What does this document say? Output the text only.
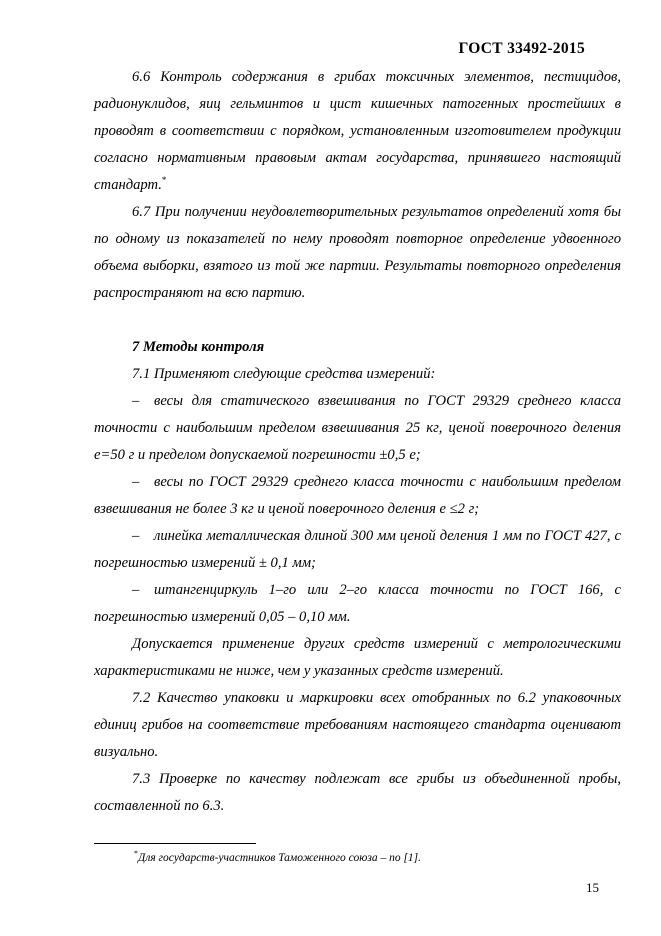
ГОСТ 33492-2015

6.6 Контроль содержания в грибах токсичных элементов, пестицидов, радионуклидов, яиц гельминтов и цист кишечных патогенных простейших в проводят в соответствии с порядком, установленным изготовителем продукции согласно нормативным правовым актам государства, принявшего настоящий стандарт.*

6.7 При получении неудовлетворительных результатов определений хотя бы по одному из показателей по нему проводят повторное определение удвоенного объема выборки, взятого из той же партии. Результаты повторного определения распространяют на всю партию.

7 Методы контроля

7.1 Применяют следующие средства измерений:

– весы для статического взвешивания по ГОСТ 29329 среднего класса точности с наибольшим пределом взвешивания 25 кг, ценой поверочного деления е=50 г и пределом допускаемой погрешности ±0,5 е;

– весы по ГОСТ 29329 среднего класса точности с наибольшим пределом взвешивания не более 3 кг и ценой поверочного деления е ≤2 г;

– линейка металлическая длиной 300 мм ценой деления 1 мм по ГОСТ 427, с погрешностью измерений ± 0,1 мм;

– штангенциркуль 1–го или 2–го класса точности по ГОСТ 166, с погрешностью измерений 0,05 – 0,10 мм.

Допускается применение других средств измерений с метрологическими характеристиками не ниже, чем у указанных средств измерений.

7.2 Качество упаковки и маркировки всех отобранных по 6.2 упаковочных единиц грибов на соответствие требованиям настоящего стандарта оценивают визуально.

7.3 Проверке по качеству подлежат все грибы из объединенной пробы, составленной по 6.3.

*Для государств-участников Таможенного союза – по [1].
15
